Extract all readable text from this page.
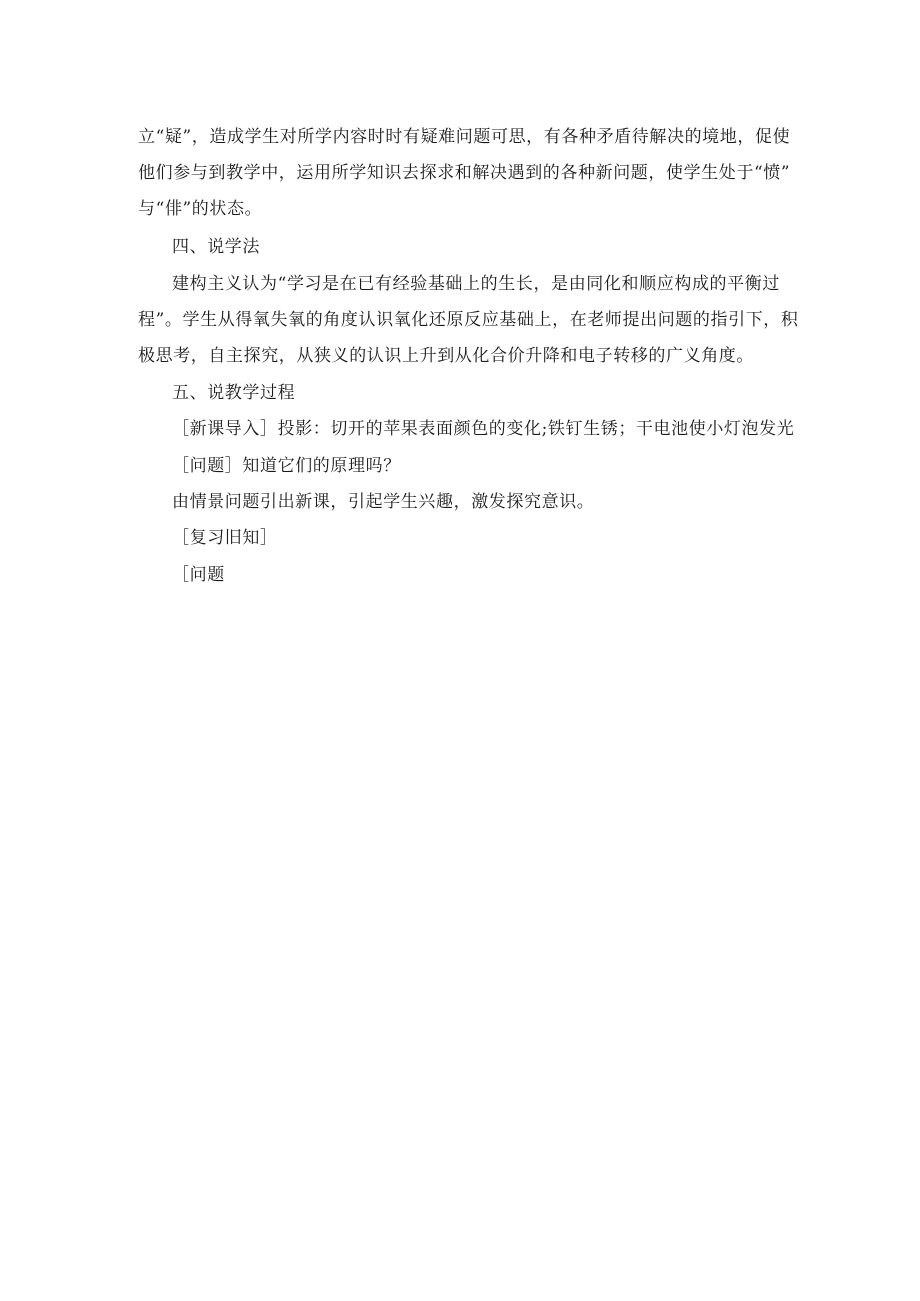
立“疑”，造成学生对所学内容时时有疑难问题可思，有各种矛盾待解决的境地，促使
他们参与到教学中，运用所学知识去探求和解决遇到的各种新问题，使学生处于“愤”
与“俳”的状态。
四、说学法
建构主义认为“学习是在已有经验基础上的生长，是由同化和顺应构成的平衡过
程”。学生从得氧失氧的角度认识氧化还原反应基础上，在老师提出问题的指引下，积
极思考，自主探究，从狭义的认识上升到从化合价升降和电子转移的广义角度。
五、说教学过程
［新课导入］投影：切开的苹果表面颜色的变化;铁钉生锈；干电池使小灯泡发光
［问题］知道它们的原理吗？
由情景问题引出新课，引起学生兴趣，激发探究意识。
［复习旧知］
［问题
